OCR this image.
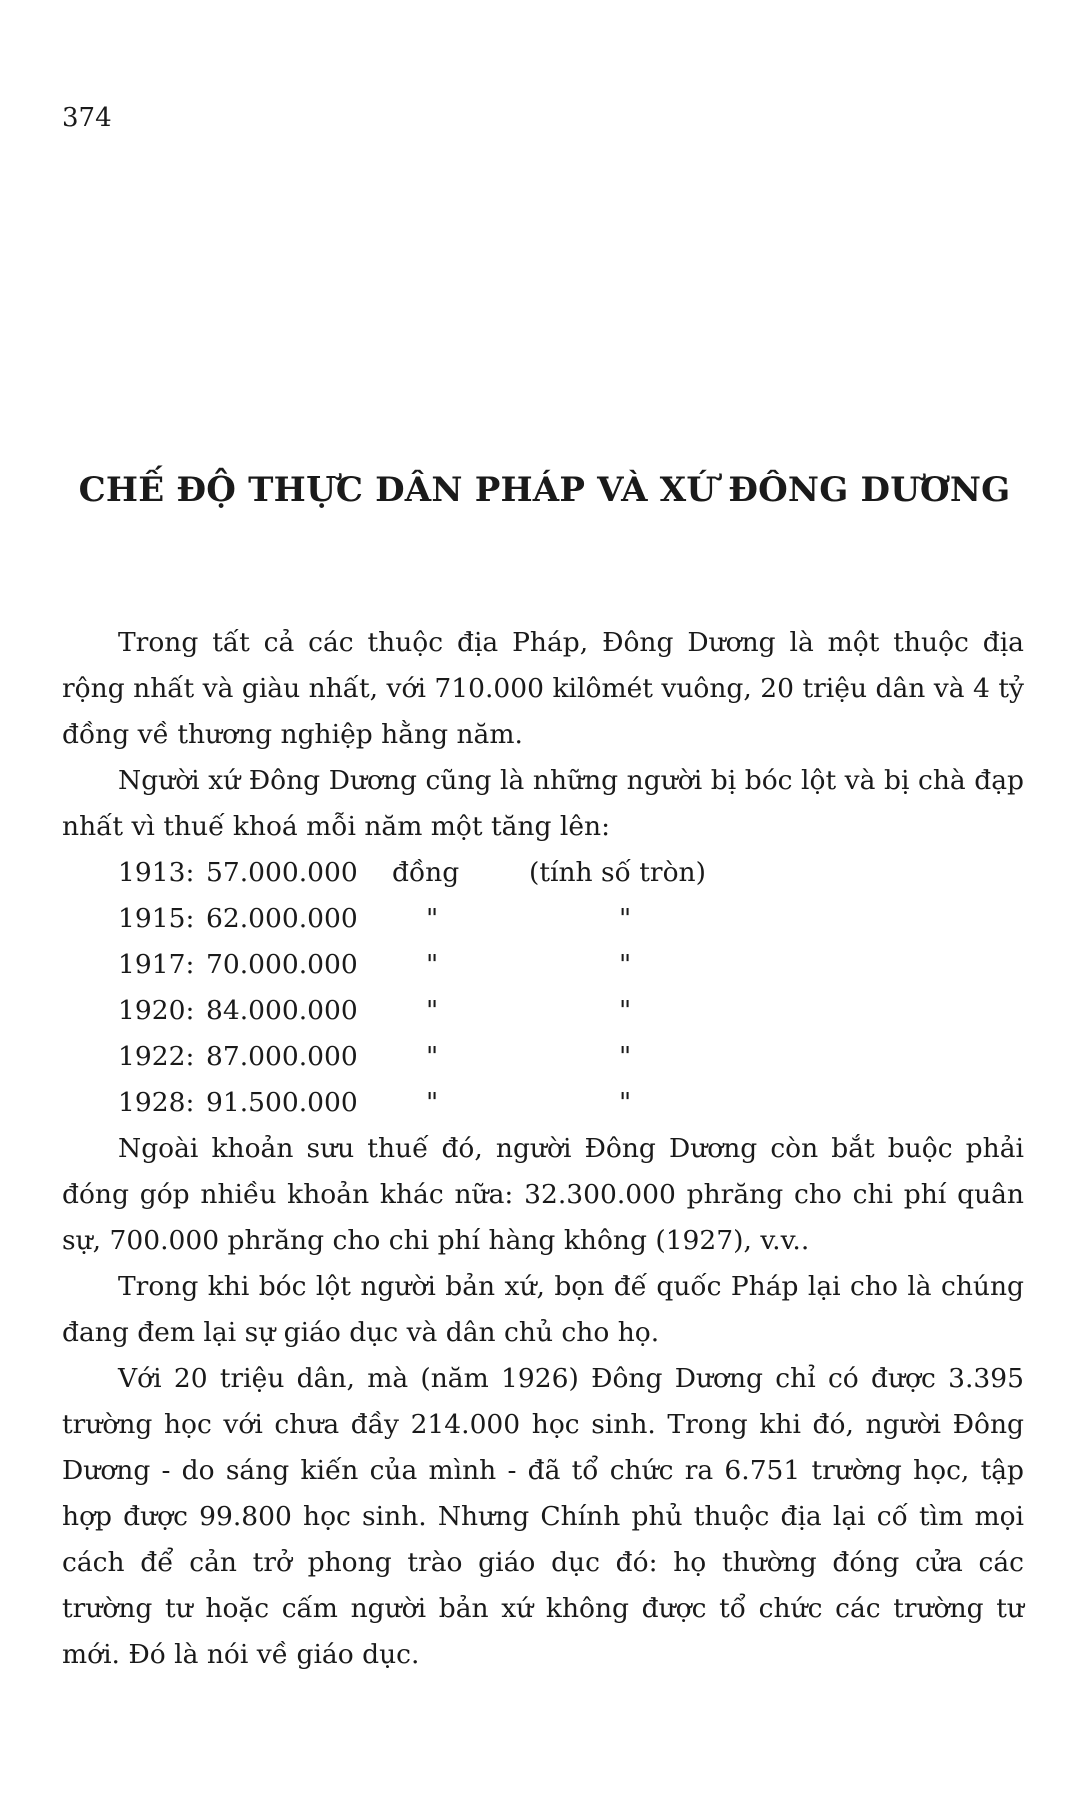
374
CHẾ ĐỘ THỰC DÂN PHÁP VÀ XỨ ĐÔNG DƯƠNG

Trong tất cả các thuộc địa Pháp, Đông Dương là một thuộc địa rộng nhất và giàu nhất, với 710.000 kilômét vuông, 20 triệu dân và 4 tỷ đồng về thương nghiệp hằng năm.

Người xứ Đông Dương cũng là những người bị bóc lột và bị chà đạp nhất vì thuế khoá mỗi năm một tăng lên:

1913: 57.000.000	đồng	(tính số tròn)
1915: 62.000.000	"	"
1917: 70.000.000	"	"
1920: 84.000.000	"	"
1922: 87.000.000	"	"
1928: 91.500.000	"	"

Ngoài khoản sưu thuế đó, người Đông Dương còn bắt buộc phải đóng góp nhiều khoản khác nữa: 32.300.000 phrăng cho chi phí quân sự, 700.000 phrăng cho chi phí hàng không (1927), v.v..

Trong khi bóc lột người bản xứ, bọn đế quốc Pháp lại cho là chúng đang đem lại sự giáo dục và dân chủ cho họ.

Với 20 triệu dân, mà (năm 1926) Đông Dương chỉ có được 3.395 trường học với chưa đầy 214.000 học sinh. Trong khi đó, người Đông Dương - do sáng kiến của mình - đã tổ chức ra 6.751 trường học, tập hợp được 99.800 học sinh. Nhưng Chính phủ thuộc địa lại cố tìm mọi cách để cản trở phong trào giáo dục đó: họ thường đóng cửa các trường tư hoặc cấm người bản xứ không được tổ chức các trường tư mới. Đó là nói về giáo dục.
